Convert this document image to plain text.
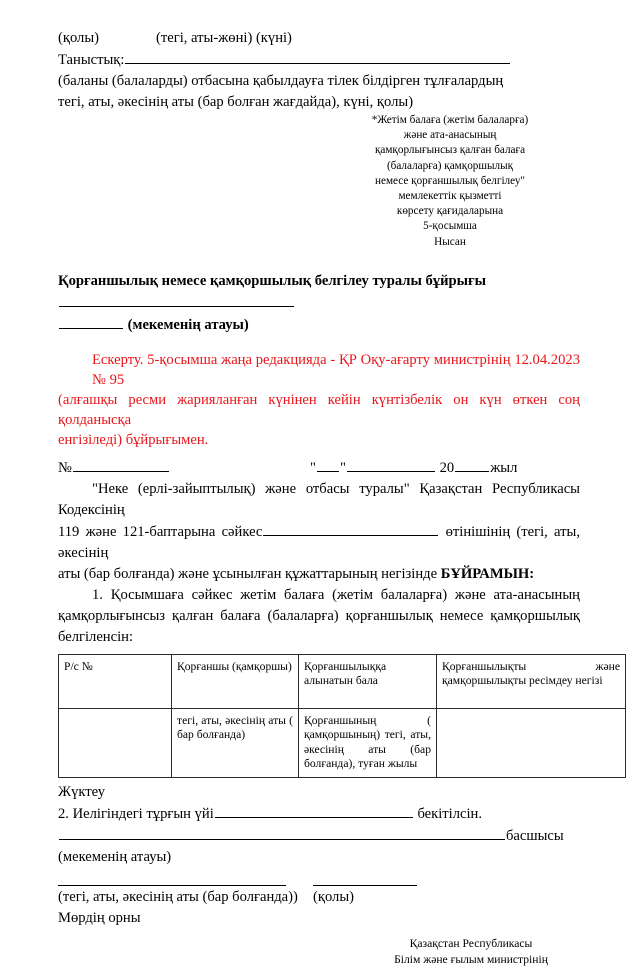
(қолы)	(тегі, аты-жөні) (күні)
Таныстық:
(баланы (балаларды) отбасына қабылдауға тілек білдірген тұлғалардың
тегі, аты, әкесінің аты (бар болған жағдайда), күні, қолы)
*Жетім балаға (жетім балаларға)
және ата-анасының
қамқорлығынсыз қалған балаға
(балаларға) қамқоршылық
немесе қорғаншылық белгілеу"
мемлекеттік қызметті
көрсету қағидаларына
5-қосымша
Нысан
Қорғаншылық немесе қамқоршылық белгілеу туралы бұйрығы
(мекеменің атауы)
Ескерту. 5-қосымша жаңа редакцияда - ҚР Оқу-ағарту министрінің 12.04.2023 № 95
(алғашқы ресми жарияланған күнінен кейін күнтізбелік он күн өткен соң қолданысқа
енгізіледі) бұйрығымен.
№	" "	20 жыл
"Неке (ерлі-зайыптылық) және отбасы туралы" Қазақстан Республикасы Кодексінің
119 және 121-баптарына сәйкес	өтінішінің (тегі, аты, әкесінің
аты (бар болғанда) және ұсынылған құжаттарының негізінде БҰЙРАМЫН:
1. Қосымшаға сәйкес жетім балаға (жетім балаларға) және ата-анасының қамқорлығынсыз қалған балаға (балаларға) қорғаншылық немесе қамқоршылық белгіленсін:
Р/с №	Қорғаншы (қамқоршы)	Қорғаншылыққа алынатын бала	Қорғаншылықты және қамқоршылықты ресімдеу негізі
	тегі, аты, әкесінің аты ( бар болғанда)	Қорғаншының ( қамқоршының) тегі, аты, әкесінің аты (бар болғанда), туған жылы	
Жүктеу
2. Иелігіндегі тұрғын үйі	бекітілсін.
басшысы
(мекеменің атауы)
(тегі, аты, әкесінің аты (бар болғанда))	(қолы)
Мөрдің орны
Қазақстан Республикасы
Білім және ғылым министрінің
